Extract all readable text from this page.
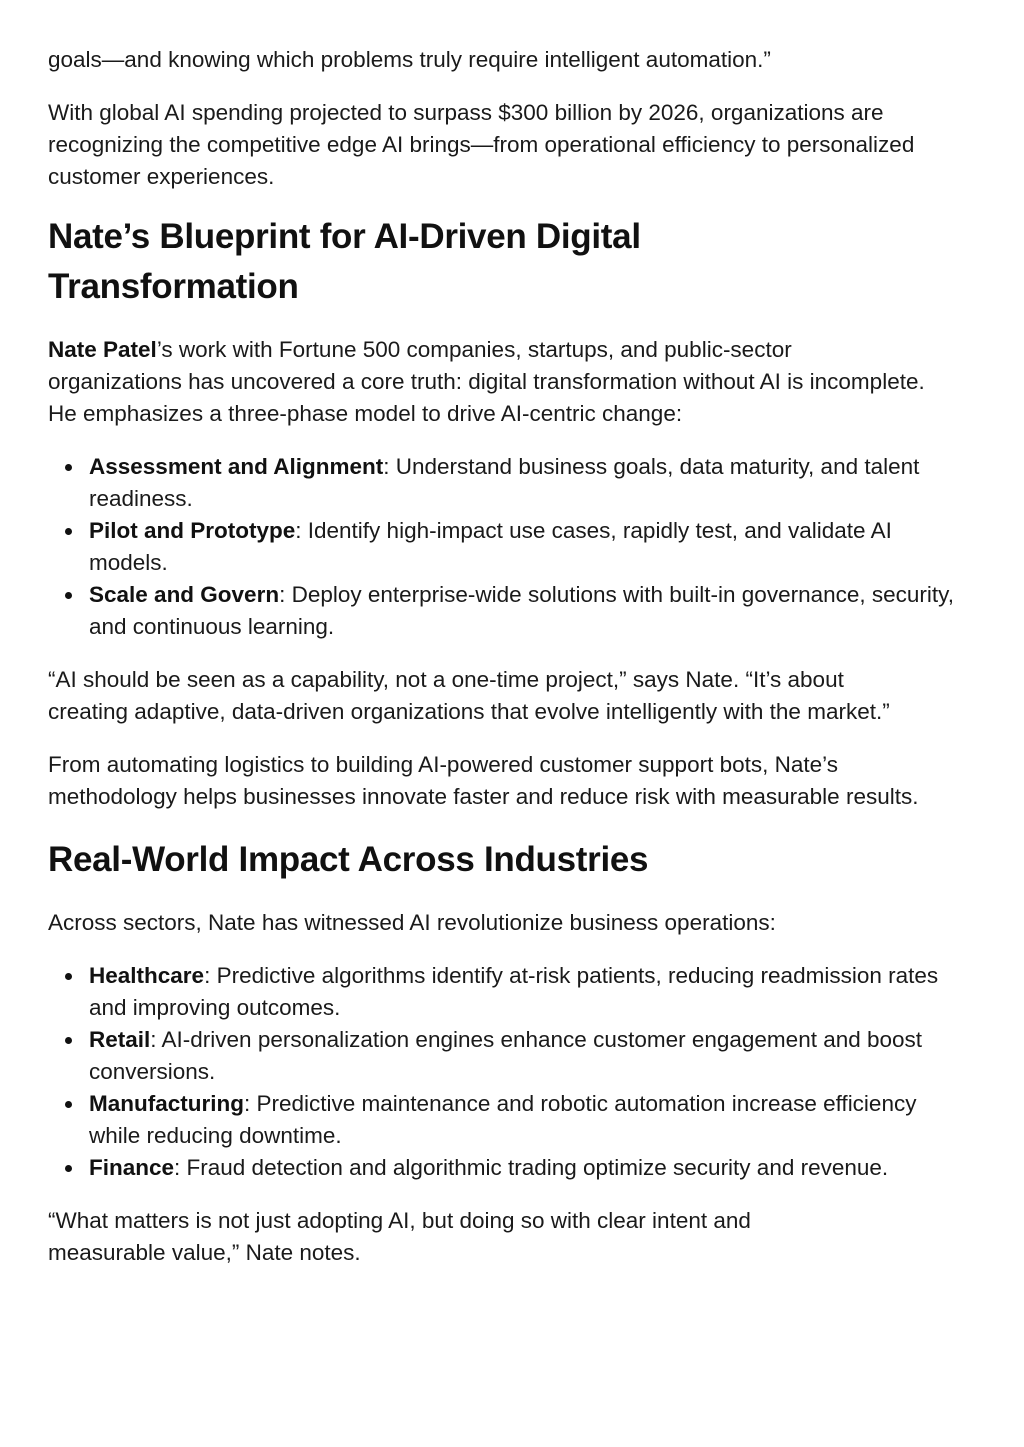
goals—and knowing which problems truly require intelligent automation.”

With global AI spending projected to surpass $300 billion by 2026, organizations are recognizing the competitive edge AI brings—from operational efficiency to personalized customer experiences.

Nate’s Blueprint for AI-Driven Digital Transformation

Nate Patel’s work with Fortune 500 companies, startups, and public-sector organizations has uncovered a core truth: digital transformation without AI is incomplete. He emphasizes a three-phase model to drive AI-centric change:

Assessment and Alignment: Understand business goals, data maturity, and talent readiness.
Pilot and Prototype: Identify high-impact use cases, rapidly test, and validate AI models.
Scale and Govern: Deploy enterprise-wide solutions with built-in governance, security, and continuous learning.

“AI should be seen as a capability, not a one-time project,” says Nate. “It’s about creating adaptive, data-driven organizations that evolve intelligently with the market.”

From automating logistics to building AI-powered customer support bots, Nate’s methodology helps businesses innovate faster and reduce risk with measurable results.

Real-World Impact Across Industries

Across sectors, Nate has witnessed AI revolutionize business operations:

Healthcare: Predictive algorithms identify at-risk patients, reducing readmission rates and improving outcomes.
Retail: AI-driven personalization engines enhance customer engagement and boost conversions.
Manufacturing: Predictive maintenance and robotic automation increase efficiency while reducing downtime.
Finance: Fraud detection and algorithmic trading optimize security and revenue.

“What matters is not just adopting AI, but doing so with clear intent and measurable value,” Nate notes.
